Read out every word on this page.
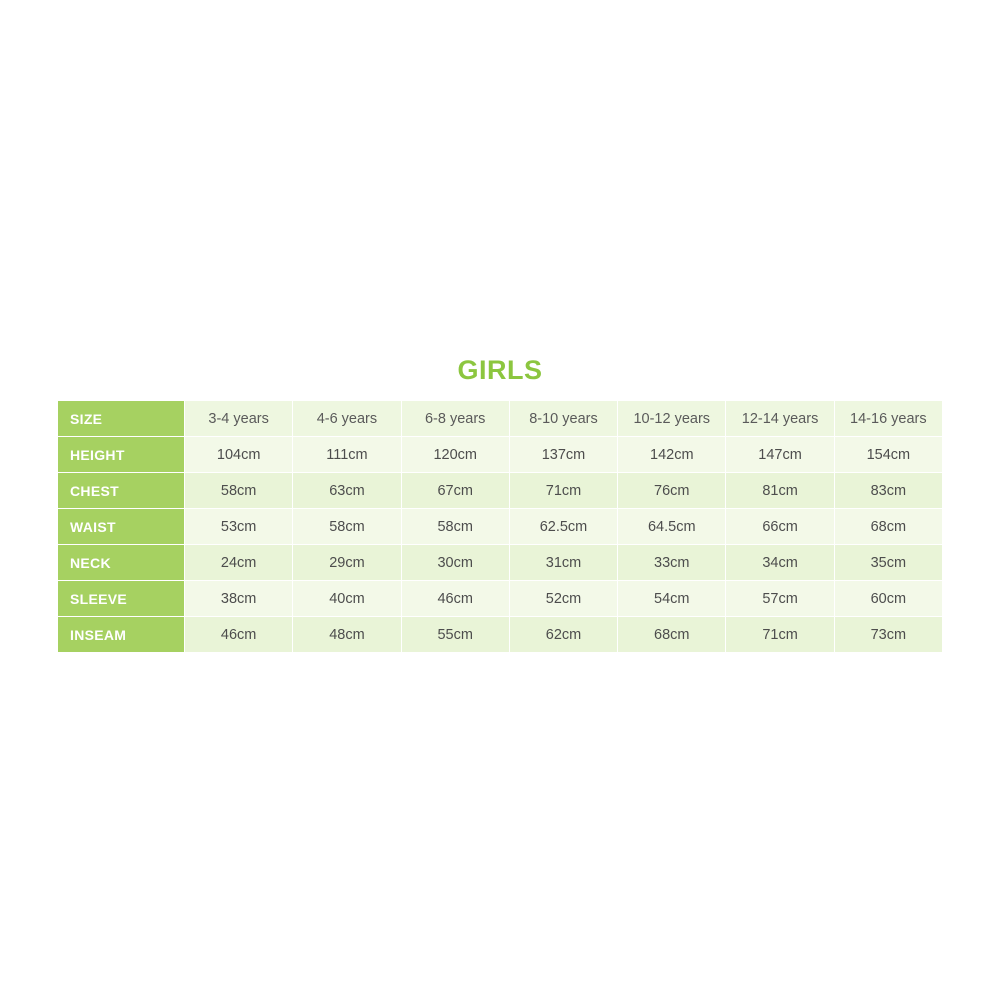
GIRLS
SIZE	3-4 years	4-6 years	6-8 years	8-10 years	10-12 years	12-14 years	14-16 years
HEIGHT	104cm	111cm	120cm	137cm	142cm	147cm	154cm
CHEST	58cm	63cm	67cm	71cm	76cm	81cm	83cm
WAIST	53cm	58cm	58cm	62.5cm	64.5cm	66cm	68cm
NECK	24cm	29cm	30cm	31cm	33cm	34cm	35cm
SLEEVE	38cm	40cm	46cm	52cm	54cm	57cm	60cm
INSEAM	46cm	48cm	55cm	62cm	68cm	71cm	73cm
